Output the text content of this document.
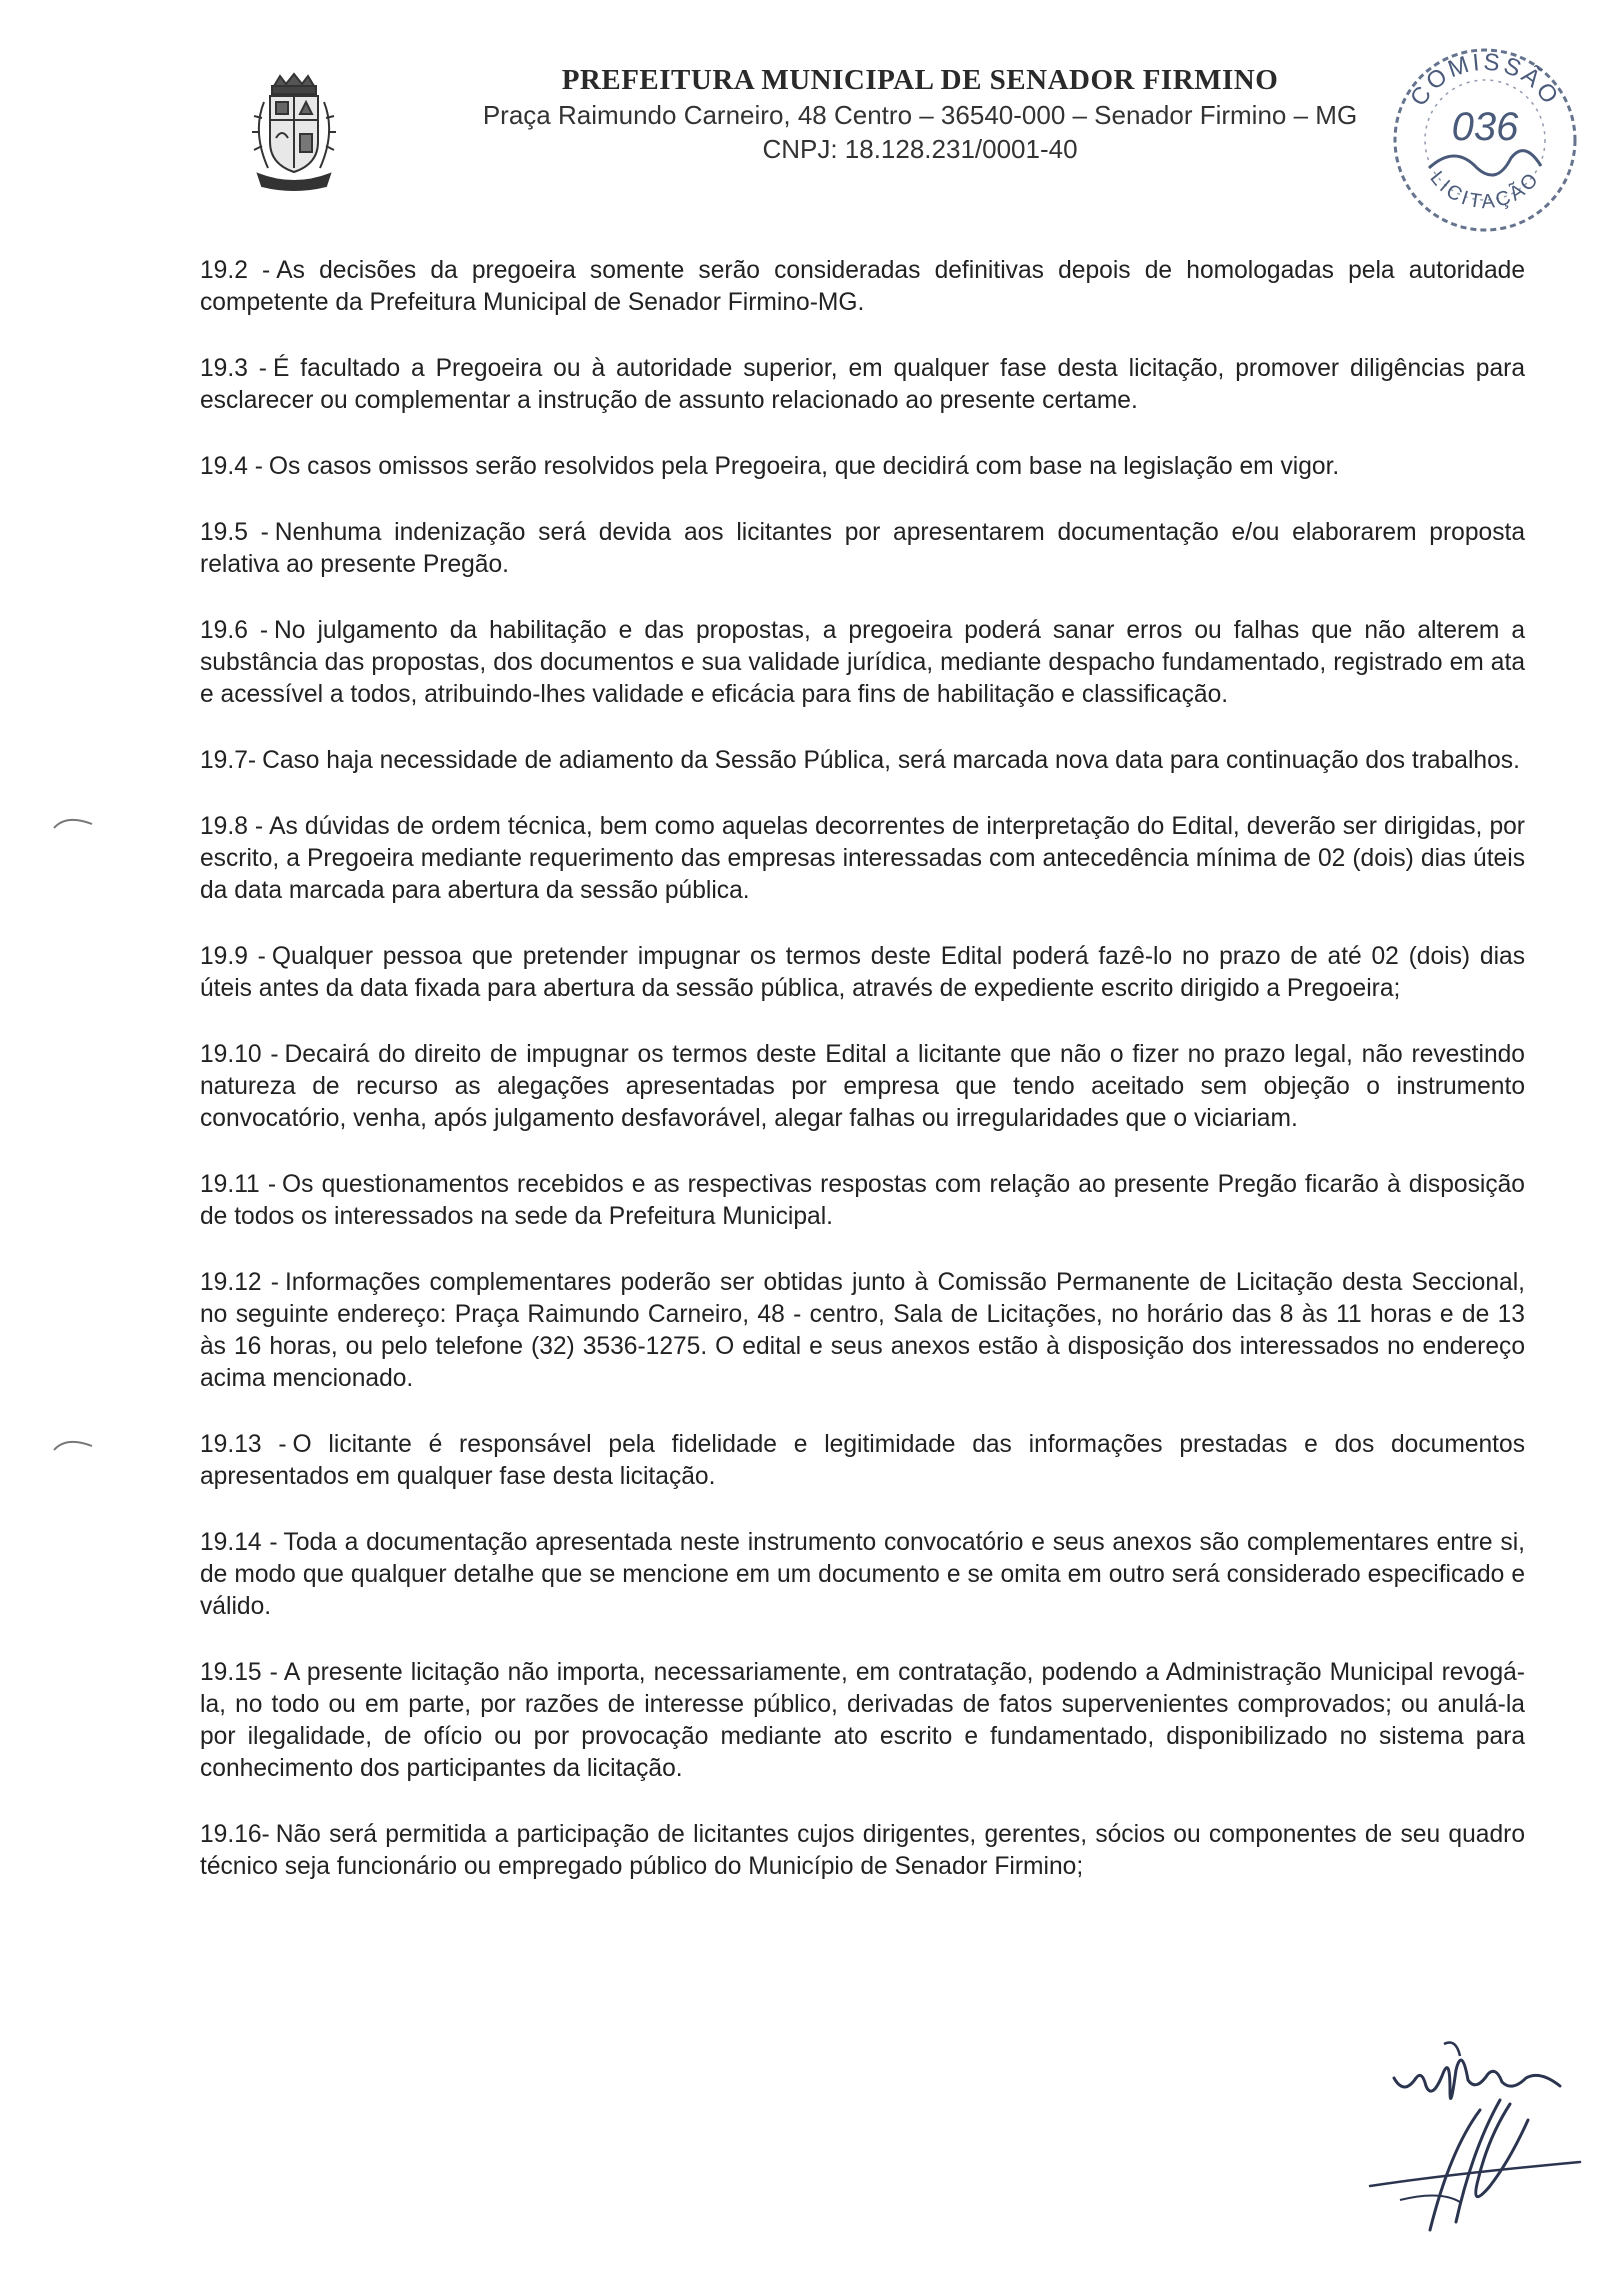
PREFEITURA MUNICIPAL DE SENADOR FIRMINO
Praça Raimundo Carneiro, 48 Centro – 36540-000 – Senador Firmino – MG
CNPJ: 18.128.231/0001-40
COMISSÃO
LICITAÇÃO
036

19.2 - As decisões da pregoeira somente serão consideradas definitivas depois de homologadas pela autoridade competente da Prefeitura Municipal de Senador Firmino-MG.

19.3 - É facultado a Pregoeira ou à autoridade superior, em qualquer fase desta licitação, promover diligências para esclarecer ou complementar a instrução de assunto relacionado ao presente certame.

19.4 - Os casos omissos serão resolvidos pela Pregoeira, que decidirá com base na legislação em vigor.

19.5 - Nenhuma indenização será devida aos licitantes por apresentarem documentação e/ou elaborarem proposta relativa ao presente Pregão.

19.6 - No julgamento da habilitação e das propostas, a pregoeira poderá sanar erros ou falhas que não alterem a substância das propostas, dos documentos e sua validade jurídica, mediante despacho fundamentado, registrado em ata e acessível a todos, atribuindo-lhes validade e eficácia para fins de habilitação e classificação.

19.7- Caso haja necessidade de adiamento da Sessão Pública, será marcada nova data para continuação dos trabalhos.

19.8 - As dúvidas de ordem técnica, bem como aquelas decorrentes de interpretação do Edital, deverão ser dirigidas, por escrito, a Pregoeira mediante requerimento das empresas interessadas com antecedência mínima de 02 (dois) dias úteis da data marcada para abertura da sessão pública.

19.9 - Qualquer pessoa que pretender impugnar os termos deste Edital poderá fazê-lo no prazo de até 02 (dois) dias úteis antes da data fixada para abertura da sessão pública, através de expediente escrito dirigido a Pregoeira;

19.10 - Decairá do direito de impugnar os termos deste Edital a licitante que não o fizer no prazo legal, não revestindo natureza de recurso as alegações apresentadas por empresa que tendo aceitado sem objeção o instrumento convocatório, venha, após julgamento desfavorável, alegar falhas ou irregularidades que o viciariam.

19.11 - Os questionamentos recebidos e as respectivas respostas com relação ao presente Pregão ficarão à disposição de todos os interessados na sede da Prefeitura Municipal.

19.12 - Informações complementares poderão ser obtidas junto à Comissão Permanente de Licitação desta Seccional, no seguinte endereço: Praça Raimundo Carneiro, 48 - centro, Sala de Licitações, no horário das 8 às 11 horas e de 13 às 16 horas, ou pelo telefone (32) 3536-1275. O edital e seus anexos estão à disposição dos interessados no endereço acima mencionado.

19.13 - O licitante é responsável pela fidelidade e legitimidade das informações prestadas e dos documentos apresentados em qualquer fase desta licitação.

19.14 - Toda a documentação apresentada neste instrumento convocatório e seus anexos são complementares entre si, de modo que qualquer detalhe que se mencione em um documento e se omita em outro será considerado especificado e válido.

19.15 - A presente licitação não importa, necessariamente, em contratação, podendo a Administração Municipal revogá-la, no todo ou em parte, por razões de interesse público, derivadas de fatos supervenientes comprovados; ou anulá-la por ilegalidade, de ofício ou por provocação mediante ato escrito e fundamentado, disponibilizado no sistema para conhecimento dos participantes da licitação.

19.16- Não será permitida a participação de licitantes cujos dirigentes, gerentes, sócios ou componentes de seu quadro técnico seja funcionário ou empregado público do Município de Senador Firmino;
